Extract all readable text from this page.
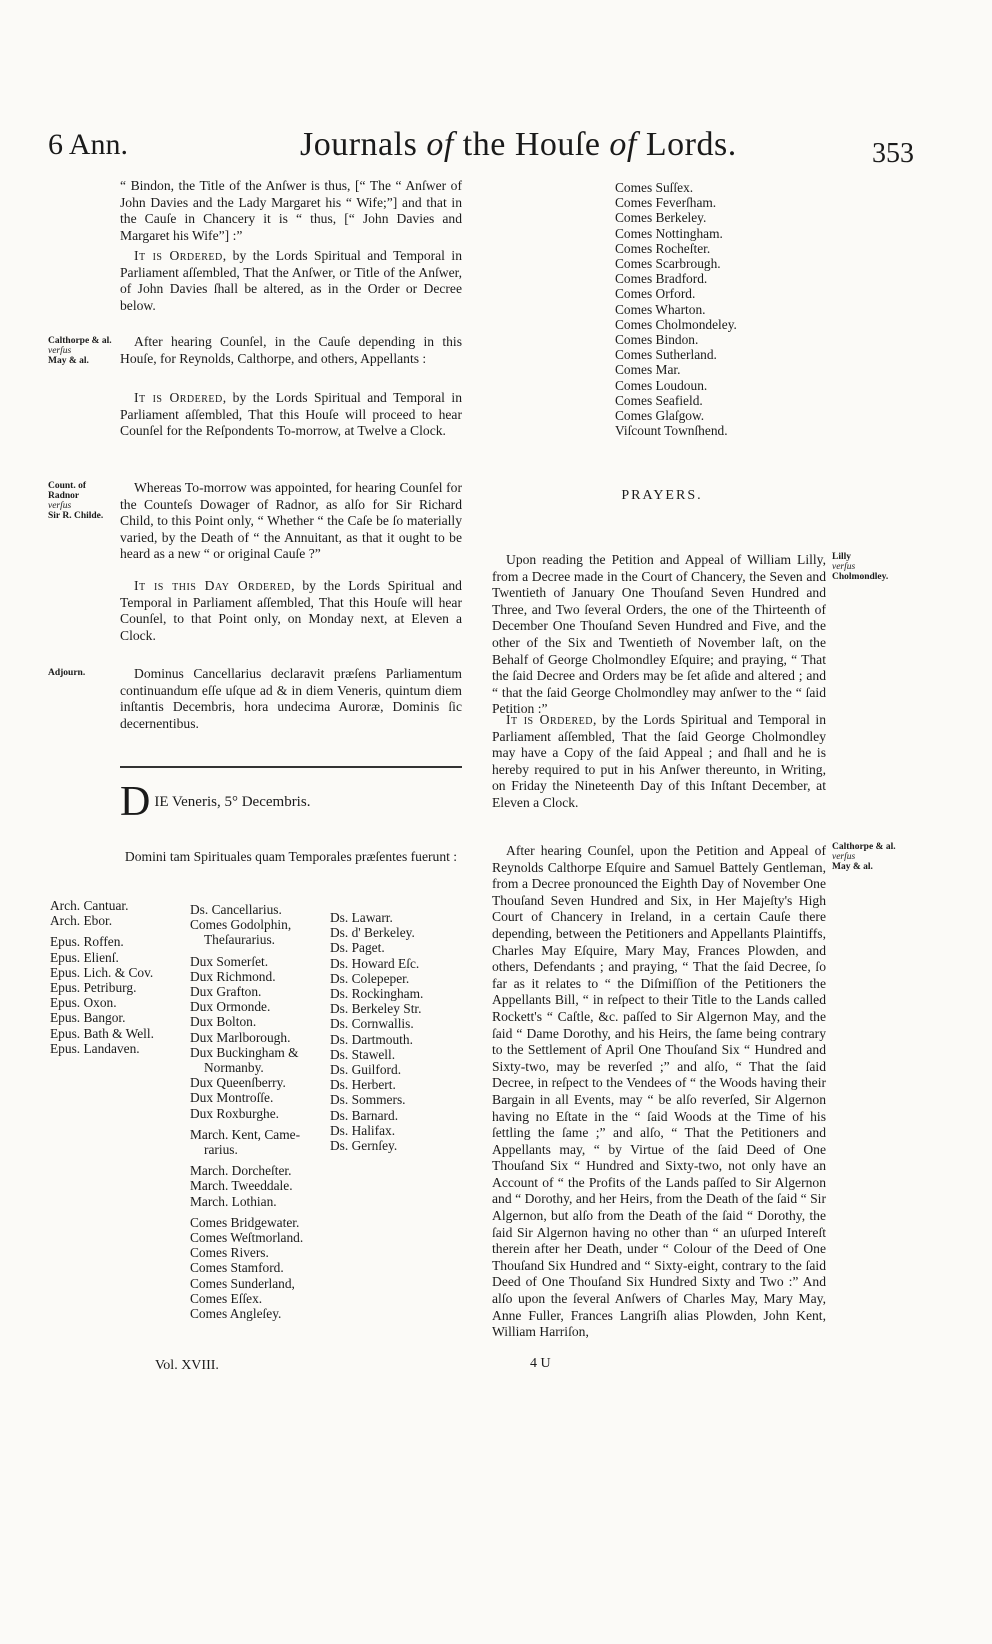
6 Ann.	Journals of the Houſe of Lords.	353

“ Bindon, the Title of the Anſwer is thus, [“ The “ Anſwer of John Davies and the Lady Margaret his “ Wife;”] and that in the Cauſe in Chancery it is “ thus, [“ John Davies and Margaret his Wife”] :”

It is Ordered, by the Lords Spiritual and Temporal in Parliament aſſembled, That the Anſwer, or Title of the Anſwer, of John Davies ſhall be altered, as in the Order or Decree below.

Calthorpe & al.
verſus
May & al.

After hearing Counſel, in the Cauſe depending in this Houſe, for Reynolds, Calthorpe, and others, Appellants :

It is Ordered, by the Lords Spiritual and Temporal in Parliament aſſembled, That this Houſe will proceed to hear Counſel for the Reſpondents To-morrow, at Twelve a Clock.

Count. of
Radnor
verſus
Sir R. Childe.

Whereas To-morrow was appointed, for hearing Counſel for the Counteſs Dowager of Radnor, as alſo for Sir Richard Child, to this Point only, “ Whether “ the Caſe be ſo materially varied, by the Death of “ the Annuitant, as that it ought to be heard as a new “ or original Cauſe ?”

It is this Day Ordered, by the Lords Spiritual and Temporal in Parliament aſſembled, That this Houſe will hear Counſel, to that Point only, on Monday next, at Eleven a Clock.

Adjourn.	Dominus Cancellarius declaravit præſens Parliamentum continuandum eſſe uſque ad & in diem Veneris, quintum diem inſtantis Decembris, hora undecima Auroræ, Dominis ſic decernentibus.

D IE Veneris, 5° Decembris.
Domini tam Spirituales quam Temporales præſentes fuerunt :
Arch. Cantuar.
Arch. Ebor.
Epus. Roffen.
Epus. Elienſ.
Epus. Lich. & Cov.
Epus. Petriburg.
Epus. Oxon.
Epus. Bangor.
Epus. Bath & Well.
Epus. Landaven.
Ds. Cancellarius.
Comes Godolphin,
Theſaurarius.
Dux Somerſet.
Dux Richmond.
Dux Grafton.
Dux Ormonde.
Dux Bolton.
Dux Marlborough.
Dux Buckingham &
Normanby.
Dux Queenſberry.
Dux Montroſſe.
Dux Roxburghe.
March. Kent, Came-
rarius.
March. Dorcheſter.
March. Tweeddale.
March. Lothian.
Comes Bridgewater.
Comes Weſtmorland.
Comes Rivers.
Comes Stamford.
Comes Sunderland,
Comes Eſſex.
Comes Angleſey.
Ds. Lawarr.
Ds. d' Berkeley.
Ds. Paget.
Ds. Howard Eſc.
Ds. Colepeper.
Ds. Rockingham.
Ds. Berkeley Str.
Ds. Cornwallis.
Ds. Dartmouth.
Ds. Stawell.
Ds. Guilford.
Ds. Herbert.
Ds. Sommers.
Ds. Barnard.
Ds. Halifax.
Ds. Gernſey.
Vol. XVIII.
Comes Suſſex.
Comes Feverſham.
Comes Berkeley.
Comes Nottingham.
Comes Rocheſter.
Comes Scarbrough.
Comes Bradford.
Comes Orford.
Comes Wharton.
Comes Cholmondeley.
Comes Bindon.
Comes Sutherland.
Comes Mar.
Comes Loudoun.
Comes Seafield.
Comes Glaſgow.
Viſcount Townſhend.
PRAYERS.
Lilly
verſus
Cholmondley.

Upon reading the Petition and Appeal of William Lilly, from a Decree made in the Court of Chancery, the Seven and Twentieth of January One Thouſand Seven Hundred and Three, and Two ſeveral Orders, the one of the Thirteenth of December One Thouſand Seven Hundred and Five, and the other of the Six and Twentieth of November laſt, on the Behalf of George Cholmondley Eſquire; and praying, “ That the ſaid Decree and Orders may be ſet aſide and altered ; and “ that the ſaid George Cholmondley may anſwer to the “ ſaid Petition :”

It is Ordered, by the Lords Spiritual and Temporal in Parliament aſſembled, That the ſaid George Cholmondley may have a Copy of the ſaid Appeal ; and ſhall and he is hereby required to put in his Anſwer thereunto, in Writing, on Friday the Nineteenth Day of this Inſtant December, at Eleven a Clock.

Calthorpe & al.
verſus
May & al.

After hearing Counſel, upon the Petition and Appeal of Reynolds Calthorpe Eſquire and Samuel Battely Gentleman, from a Decree pronounced the Eighth Day of November One Thouſand Seven Hundred and Six, in Her Majeſty's High Court of Chancery in Ireland, in a certain Cauſe there depending, between the Petitioners and Appellants Plaintiffs, Charles May Eſquire, Mary May, Frances Plowden, and others, Defendants ; and praying, “ That the ſaid Decree, ſo far as it relates to “ the Diſmiſſion of the Petitioners the Appellants Bill, “ in reſpect to their Title to the Lands called Rockett's “ Caſtle, &c. paſſed to Sir Algernon May, and the ſaid “ Dame Dorothy, and his Heirs, the ſame being contrary to the Settlement of April One Thouſand Six “ Hundred and Sixty-two, may be reverſed ;” and alſo, “ That the ſaid Decree, in reſpect to the Vendees of “ the Woods having their Bargain in all Events, may “ be alſo reverſed, Sir Algernon having no Eſtate in the “ ſaid Woods at the Time of his ſettling the ſame ;” and alſo, “ That the Petitioners and Appellants may, “ by Virtue of the ſaid Deed of One Thouſand Six “ Hundred and Sixty-two, not only have an Account of “ the Profits of the Lands paſſed to Sir Algernon and “ Dorothy, and her Heirs, from the Death of the ſaid “ Sir Algernon, but alſo from the Death of the ſaid “ Dorothy, the ſaid Sir Algernon having no other than “ an uſurped Intereſt therein after her Death, under “ Colour of the Deed of One Thouſand Six Hundred and “ Sixty-eight, contrary to the ſaid Deed of One Thouſand Six Hundred Sixty and Two :” And alſo upon the ſeveral Anſwers of Charles May, Mary May, Anne Fuller, Frances Langriſh alias Plowden, John Kent, William Harriſon,

4 U
